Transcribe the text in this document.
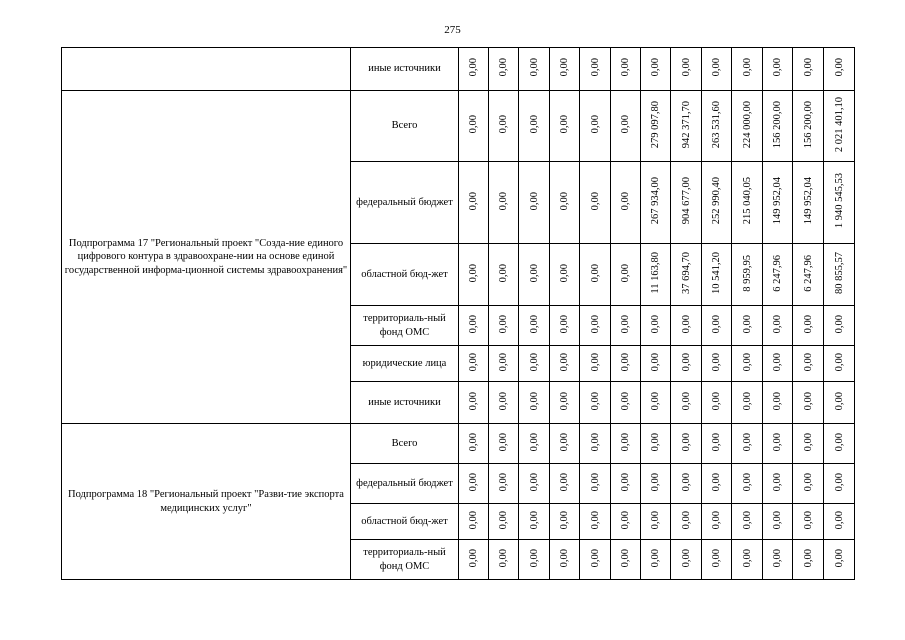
275
	иные источники	0,00	0,00	0,00	0,00	0,00	0,00	0,00	0,00	0,00	0,00	0,00	0,00	0,00
Подпрограмма 17 "Региональный проект "Созда-ние единого цифрового контура в здравоохране-нии на основе единой государственной информа-ционной системы здравоохранения"	Всего	0,00	0,00	0,00	0,00	0,00	0,00	279 097,80	942 371,70	263 531,60	224 000,00	156 200,00	156 200,00	2 021 401,10
	федеральный бюджет	0,00	0,00	0,00	0,00	0,00	0,00	267 934,00	904 677,00	252 990,40	215 040,05	149 952,04	149 952,04	1 940 545,53
	областной бюд-жет	0,00	0,00	0,00	0,00	0,00	0,00	11 163,80	37 694,70	10 541,20	8 959,95	6 247,96	6 247,96	80 855,57
	территориаль-ный фонд ОМС	0,00	0,00	0,00	0,00	0,00	0,00	0,00	0,00	0,00	0,00	0,00	0,00	0,00
	юридические лица	0,00	0,00	0,00	0,00	0,00	0,00	0,00	0,00	0,00	0,00	0,00	0,00	0,00
	иные источники	0,00	0,00	0,00	0,00	0,00	0,00	0,00	0,00	0,00	0,00	0,00	0,00	0,00
Подпрограмма 18 "Региональный проект "Разви-тие экспорта медицинских услуг"	Всего	0,00	0,00	0,00	0,00	0,00	0,00	0,00	0,00	0,00	0,00	0,00	0,00	0,00
	федеральный бюджет	0,00	0,00	0,00	0,00	0,00	0,00	0,00	0,00	0,00	0,00	0,00	0,00	0,00
	областной бюд-жет	0,00	0,00	0,00	0,00	0,00	0,00	0,00	0,00	0,00	0,00	0,00	0,00	0,00
	территориаль-ный фонд ОМС	0,00	0,00	0,00	0,00	0,00	0,00	0,00	0,00	0,00	0,00	0,00	0,00	0,00
